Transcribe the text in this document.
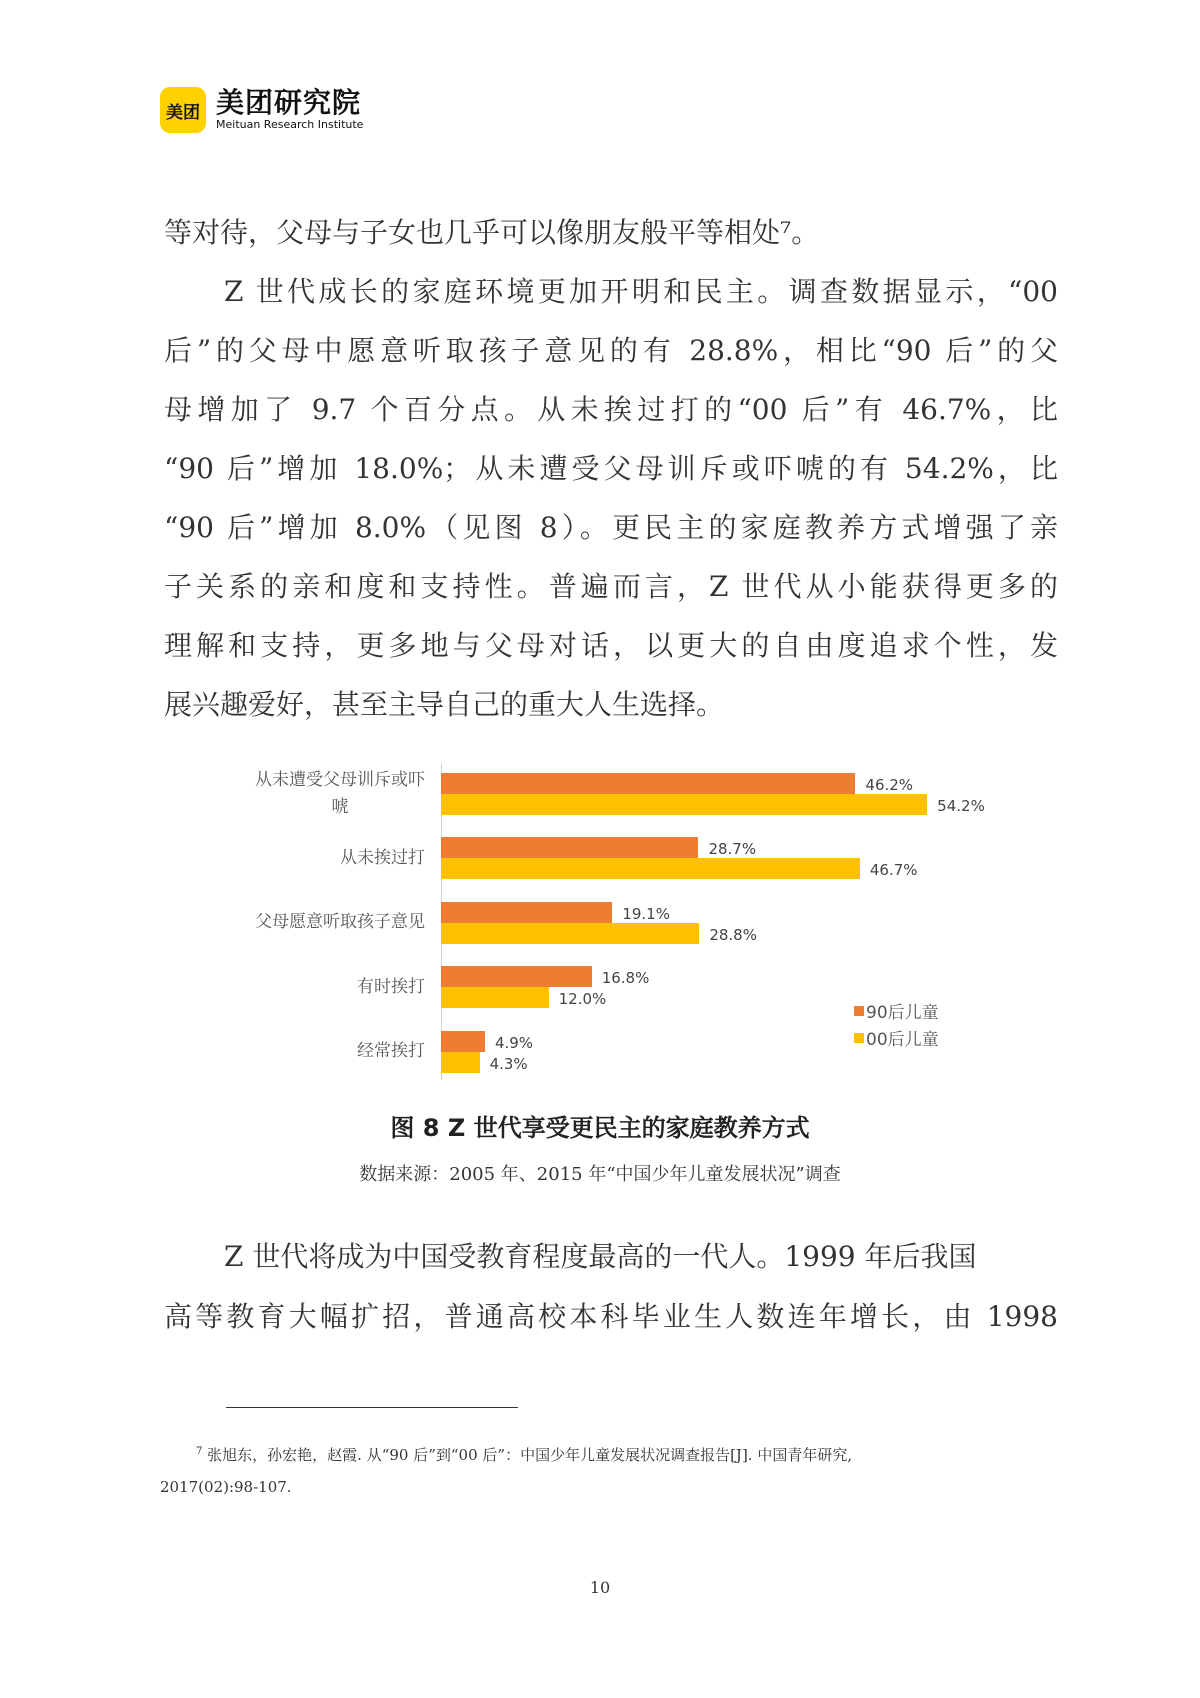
美团 美团研究院
Meituan Research Institute
等对待，父母与子女也几乎可以像朋友般平等相处⁷。
Z 世代成长的家庭环境更加开明和民主。调查数据显示，“00
后”的父母中愿意听取孩子意见的有 28.8%，相比“90 后”的父
母增加了 9.7 个百分点。从未挨过打的“00 后”有 46.7%，比
“90 后”增加 18.0%；从未遭受父母训斥或吓唬的有 54.2%，比
“90 后”增加 8.0%（见图 8）。更民主的家庭教养方式增强了亲
子关系的亲和度和支持性。普遍而言，Z 世代从小能获得更多的
理解和支持，更多地与父母对话，以更大的自由度追求个性，发
展兴趣爱好，甚至主导自己的重大人生选择。
90后儿童
00后儿童
从未遭受父母训斥或吓
唬
46.2%
54.2%
从未挨过打	28.7%
46.7%
父母愿意听取孩子意见	19.1%
28.8%
有时挨打	16.8%
12.0%
经常挨打	4.9%
4.3%
图 8 Z 世代享受更民主的家庭教养方式
数据来源：2005 年、2015 年“中国少年儿童发展状况”调查
Z 世代将成为中国受教育程度最高的一代人。1999 年后我国
高等教育大幅扩招，普通高校本科毕业生人数连年增长，由 1998
$^7$ 张旭东，孙宏艳，赵霞. 从“90 后”到“00 后”：中国少年儿童发展状况调查报告[J]. 中国青年研究,
2017(02):98-107.
10
